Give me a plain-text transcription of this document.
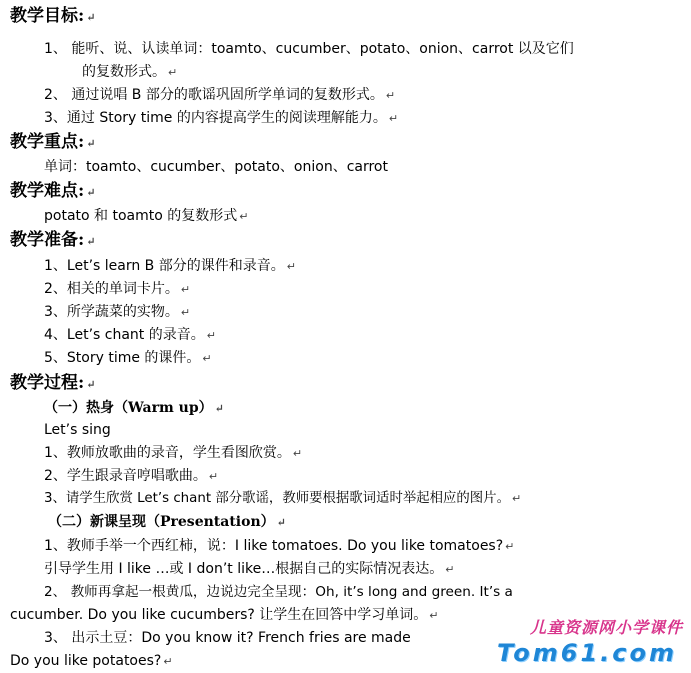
教学目标: ↵
1、 能听、说、认读单词：toamto、cucumber、potato、onion、carrot 以及它们
的复数形式。 ↵
2、 通过说唱 B 部分的歌谣巩固所学单词的复数形式。 ↵
3、通过 Story time 的内容提高学生的阅读理解能力。 ↵
教学重点: ↵
单词：toamto、cucumber、potato、onion、carrot
教学难点: ↵
potato 和 toamto 的复数形式 ↵
教学准备: ↵
1、Let’s learn B 部分的课件和录音。 ↵
2、相关的单词卡片。 ↵
3、所学蔬菜的实物。 ↵
4、Let’s chant 的录音。 ↵
5、Story time 的课件。 ↵
教学过程: ↵
（一）热身（Warm up） ↵
Let’s sing
1、教师放歌曲的录音，学生看图欣赏。 ↵
2、学生跟录音哼唱歌曲。 ↵
3、请学生欣赏 Let’s chant 部分歌谣，教师要根据歌词适时举起相应的图片。 ↵
（二）新课呈现（Presentation） ↵
1、教师手举一个西红柿，说：I like tomatoes. Do you like tomatoes? ↵
引导学生用 I like …或 I don’t like…根据自己的实际情况表达。 ↵
2、 教师再拿起一根黄瓜，边说边完全呈现：Oh, it’s long and green. It’s a
cucumber. Do you like cucumbers? 让学生在回答中学习单词。 ↵
3、 出示土豆：Do you know it? French fries are made
Do you like potatoes? ↵
儿童资源网小学课件
Tom61.com
